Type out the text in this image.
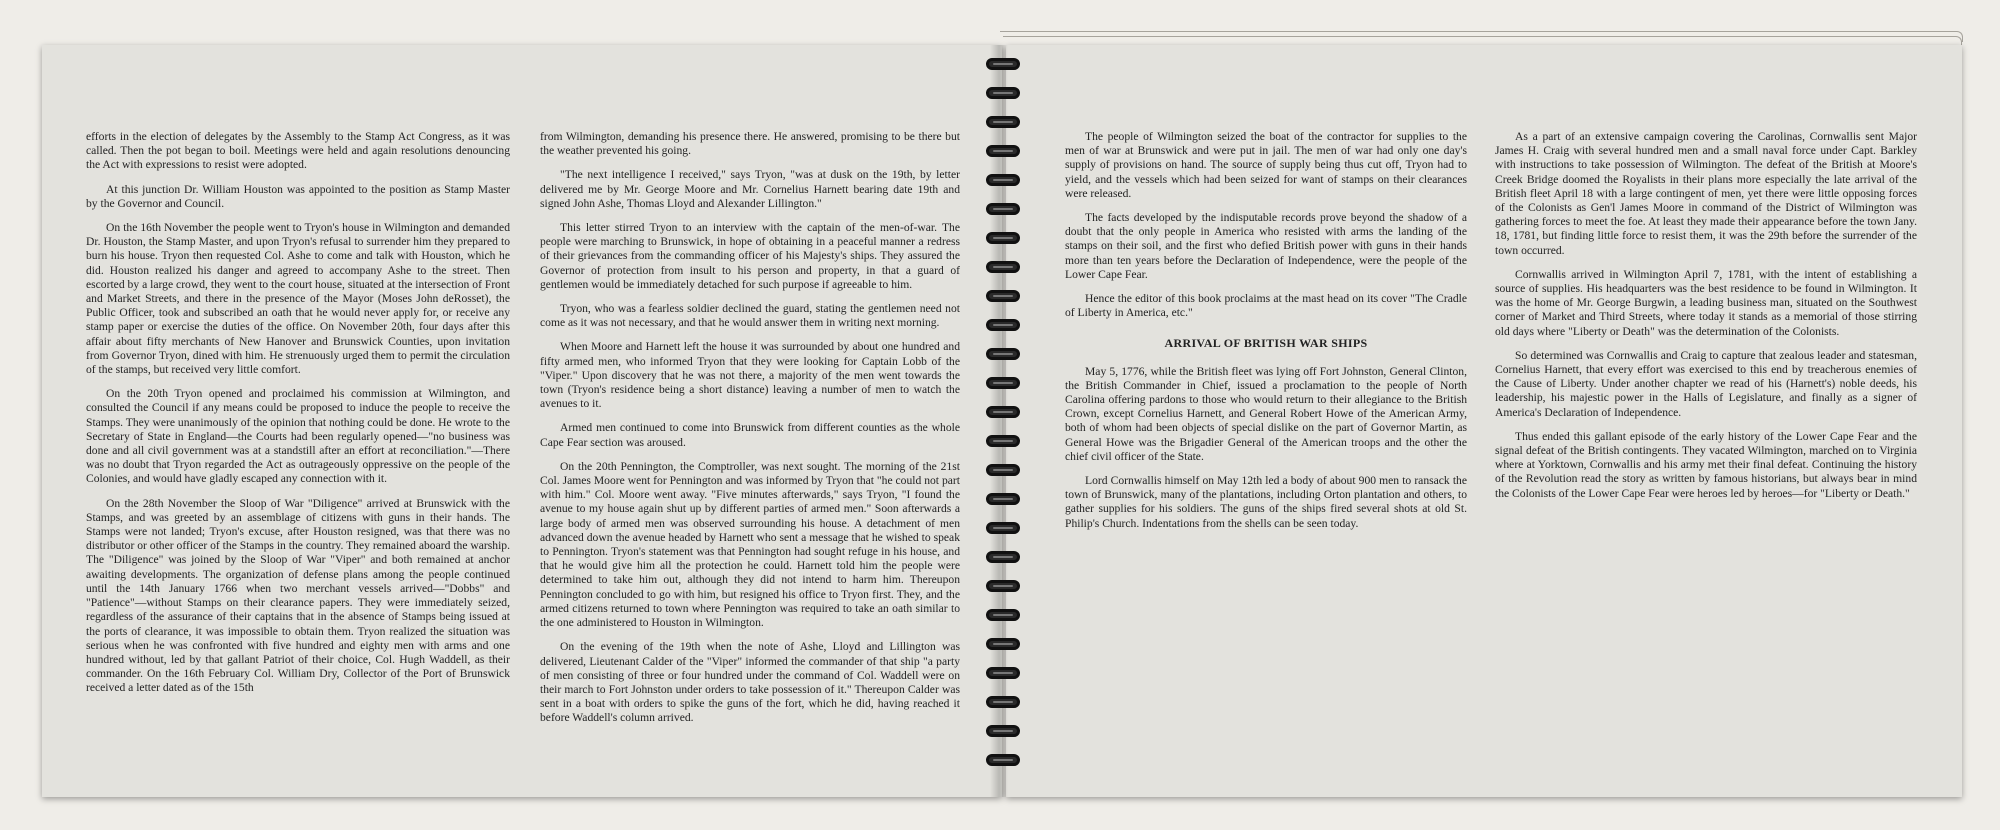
efforts in the election of delegates by the Assembly to the Stamp Act Congress, as it was called. Then the pot began to boil. Meetings were held and again resolutions denouncing the Act with expressions to resist were adopted.

At this junction Dr. William Houston was appointed to the position as Stamp Master by the Governor and Council.

On the 16th November the people went to Tryon's house in Wilmington and demanded Dr. Houston, the Stamp Master, and upon Tryon's refusal to surrender him they prepared to burn his house. Tryon then requested Col. Ashe to come and talk with Houston, which he did. Houston realized his danger and agreed to accompany Ashe to the street. Then escorted by a large crowd, they went to the court house, situated at the intersection of Front and Market Streets, and there in the presence of the Mayor (Moses John deRosset), the Public Officer, took and subscribed an oath that he would never apply for, or receive any stamp paper or exercise the duties of the office. On November 20th, four days after this affair about fifty merchants of New Hanover and Brunswick Counties, upon invitation from Governor Tryon, dined with him. He strenuously urged them to permit the circulation of the stamps, but received very little comfort.

On the 20th Tryon opened and proclaimed his commission at Wilmington, and consulted the Council if any means could be proposed to induce the people to receive the Stamps. They were unanimously of the opinion that nothing could be done. He wrote to the Secretary of State in England—the Courts had been regularly opened—"no business was done and all civil government was at a standstill after an effort at reconciliation."—There was no doubt that Tryon regarded the Act as outrageously oppressive on the people of the Colonies, and would have gladly escaped any connection with it.

On the 28th November the Sloop of War "Diligence" arrived at Brunswick with the Stamps, and was greeted by an assemblage of citizens with guns in their hands. The Stamps were not landed; Tryon's excuse, after Houston resigned, was that there was no distributor or other officer of the Stamps in the country. They remained aboard the warship. The "Diligence" was joined by the Sloop of War "Viper" and both remained at anchor awaiting developments. The organization of defense plans among the people continued until the 14th January 1766 when two merchant vessels arrived—"Dobbs" and "Patience"—without Stamps on their clearance papers. They were immediately seized, regardless of the assurance of their captains that in the absence of Stamps being issued at the ports of clearance, it was impossible to obtain them. Tryon realized the situation was serious when he was confronted with five hundred and eighty men with arms and one hundred without, led by that gallant Patriot of their choice, Col. Hugh Waddell, as their commander. On the 16th February Col. William Dry, Collector of the Port of Brunswick received a letter dated as of the 15th

from Wilmington, demanding his presence there. He answered, promising to be there but the weather prevented his going.

"The next intelligence I received," says Tryon, "was at dusk on the 19th, by letter delivered me by Mr. George Moore and Mr. Cornelius Harnett bearing date 19th and signed John Ashe, Thomas Lloyd and Alexander Lillington."

This letter stirred Tryon to an interview with the captain of the men-of-war. The people were marching to Brunswick, in hope of obtaining in a peaceful manner a redress of their grievances from the commanding officer of his Majesty's ships. They assured the Governor of protection from insult to his person and property, in that a guard of gentlemen would be immediately detached for such purpose if agreeable to him.

Tryon, who was a fearless soldier declined the guard, stating the gentlemen need not come as it was not necessary, and that he would answer them in writing next morning.

When Moore and Harnett left the house it was surrounded by about one hundred and fifty armed men, who informed Tryon that they were looking for Captain Lobb of the "Viper." Upon discovery that he was not there, a majority of the men went towards the town (Tryon's residence being a short distance) leaving a number of men to watch the avenues to it.

Armed men continued to come into Brunswick from different counties as the whole Cape Fear section was aroused.

On the 20th Pennington, the Comptroller, was next sought. The morning of the 21st Col. James Moore went for Pennington and was informed by Tryon that "he could not part with him." Col. Moore went away. "Five minutes afterwards," says Tryon, "I found the avenue to my house again shut up by different parties of armed men." Soon afterwards a large body of armed men was observed surrounding his house. A detachment of men advanced down the avenue headed by Harnett who sent a message that he wished to speak to Pennington. Tryon's statement was that Pennington had sought refuge in his house, and that he would give him all the protection he could. Harnett told him the people were determined to take him out, although they did not intend to harm him. Thereupon Pennington concluded to go with him, but resigned his office to Tryon first. They, and the armed citizens returned to town where Pennington was required to take an oath similar to the one administered to Houston in Wilmington.

On the evening of the 19th when the note of Ashe, Lloyd and Lillington was delivered, Lieutenant Calder of the "Viper" informed the commander of that ship "a party of men consisting of three or four hundred under the command of Col. Waddell were on their march to Fort Johnston under orders to take possession of it." Thereupon Calder was sent in a boat with orders to spike the guns of the fort, which he did, having reached it before Waddell's column arrived.

The people of Wilmington seized the boat of the contractor for supplies to the men of war at Brunswick and were put in jail. The men of war had only one day's supply of provisions on hand. The source of supply being thus cut off, Tryon had to yield, and the vessels which had been seized for want of stamps on their clearances were released.

The facts developed by the indisputable records prove beyond the shadow of a doubt that the only people in America who resisted with arms the landing of the stamps on their soil, and the first who defied British power with guns in their hands more than ten years before the Declaration of Independence, were the people of the Lower Cape Fear.

Hence the editor of this book proclaims at the mast head on its cover "The Cradle of Liberty in America, etc."

ARRIVAL OF BRITISH WAR SHIPS

May 5, 1776, while the British fleet was lying off Fort Johnston, General Clinton, the British Commander in Chief, issued a proclamation to the people of North Carolina offering pardons to those who would return to their allegiance to the British Crown, except Cornelius Harnett, and General Robert Howe of the American Army, both of whom had been objects of special dislike on the part of Governor Martin, as General Howe was the Brigadier General of the American troops and the other the chief civil officer of the State.

Lord Cornwallis himself on May 12th led a body of about 900 men to ransack the town of Brunswick, many of the plantations, including Orton plantation and others, to gather supplies for his soldiers. The guns of the ships fired several shots at old St. Philip's Church. Indentations from the shells can be seen today.

As a part of an extensive campaign covering the Carolinas, Cornwallis sent Major James H. Craig with several hundred men and a small naval force under Capt. Barkley with instructions to take possession of Wilmington. The defeat of the British at Moore's Creek Bridge doomed the Royalists in their plans more especially the late arrival of the British fleet April 18 with a large contingent of men, yet there were little opposing forces of the Colonists as Gen'l James Moore in command of the District of Wilmington was gathering forces to meet the foe. At least they made their appearance before the town Jany. 18, 1781, but finding little force to resist them, it was the 29th before the surrender of the town occurred.

Cornwallis arrived in Wilmington April 7, 1781, with the intent of establishing a source of supplies. His headquarters was the best residence to be found in Wilmington. It was the home of Mr. George Burgwin, a leading business man, situated on the Southwest corner of Market and Third Streets, where today it stands as a memorial of those stirring old days where "Liberty or Death" was the determination of the Colonists.

So determined was Cornwallis and Craig to capture that zealous leader and statesman, Cornelius Harnett, that every effort was exercised to this end by treacherous enemies of the Cause of Liberty. Under another chapter we read of his (Harnett's) noble deeds, his leadership, his majestic power in the Halls of Legislature, and finally as a signer of America's Declaration of Independence.

Thus ended this gallant episode of the early history of the Lower Cape Fear and the signal defeat of the British contingents. They vacated Wilmington, marched on to Virginia where at Yorktown, Cornwallis and his army met their final defeat. Continuing the history of the Revolution read the story as written by famous historians, but always bear in mind the Colonists of the Lower Cape Fear were heroes led by heroes—for "Liberty or Death."
